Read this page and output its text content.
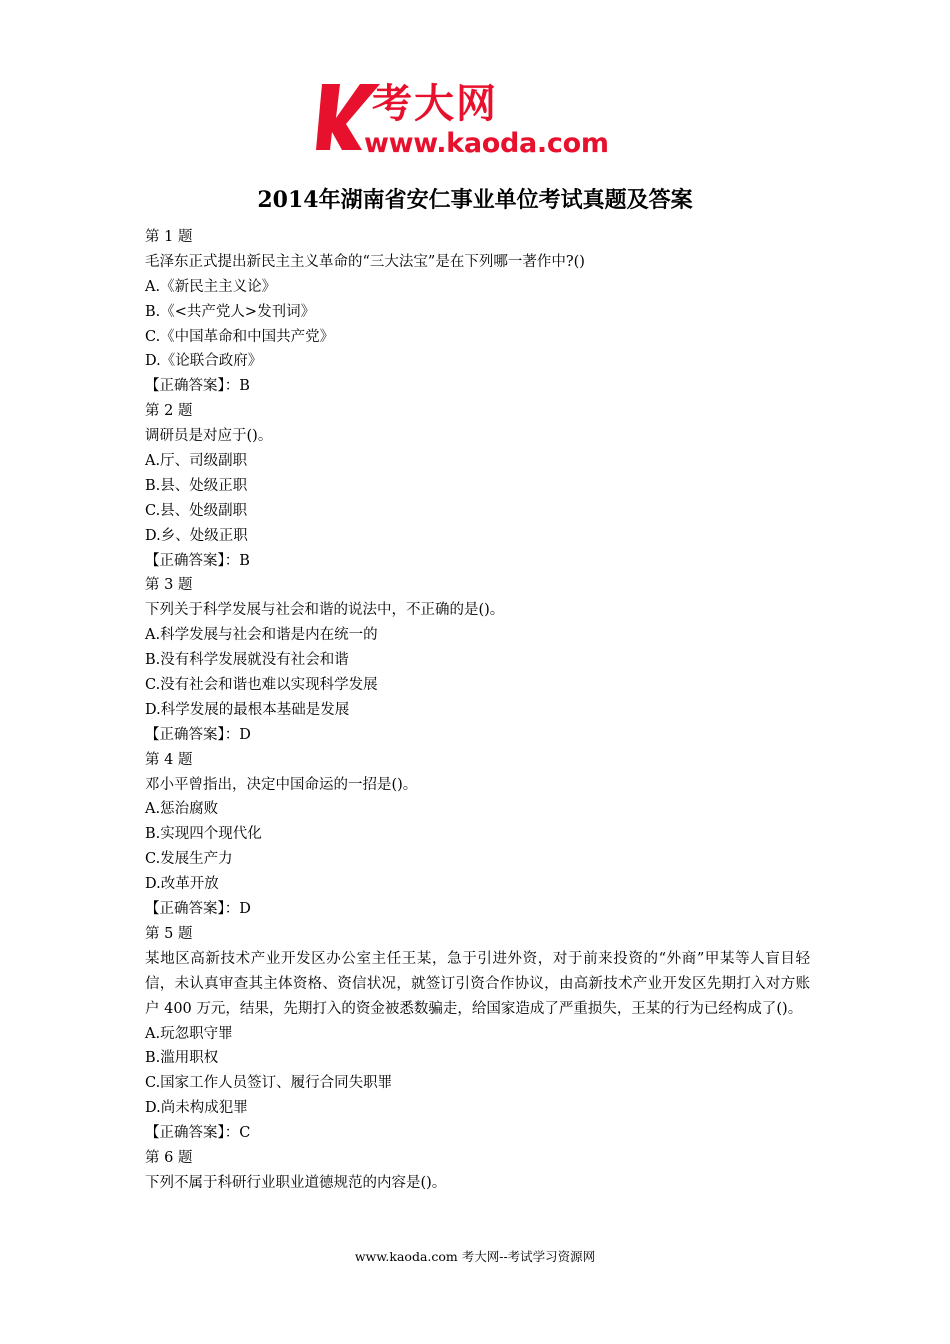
考大网
www.kaoda.com
2014年湖南省安仁事业单位考试真题及答案
第 1 题
毛泽东正式提出新民主主义革命的“三大法宝”是在下列哪一著作中?()
A.《新民主主义论》
B.《<共产党人>发刊词》
C.《中国革命和中国共产党》
D.《论联合政府》
【正确答案】：B
第 2 题
调研员是对应于()。
A.厅、司级副职
B.县、处级正职
C.县、处级副职
D.乡、处级正职
【正确答案】：B
第 3 题
下列关于科学发展与社会和谐的说法中，不正确的是()。
A.科学发展与社会和谐是内在统一的
B.没有科学发展就没有社会和谐
C.没有社会和谐也难以实现科学发展
D.科学发展的最根本基础是发展
【正确答案】：D
第 4 题
邓小平曾指出，决定中国命运的一招是()。
A.惩治腐败
B.实现四个现代化
C.发展生产力
D.改革开放
【正确答案】：D
第 5 题
某地区高新技术产业开发区办公室主任王某，急于引进外资，对于前来投资的“外商”甲某等人盲目轻信，未认真审查其主体资格、资信状况，就签订引资合作协议，由高新技术产业开发区先期打入对方账户 400 万元，结果，先期打入的资金被悉数骗走，给国家造成了严重损失，王某的行为已经构成了()。
A.玩忽职守罪
B.滥用职权
C.国家工作人员签订、履行合同失职罪
D.尚未构成犯罪
【正确答案】：C
第 6 题
下列不属于科研行业职业道德规范的内容是()。
www.kaoda.com 考大网--考试学习资源网
